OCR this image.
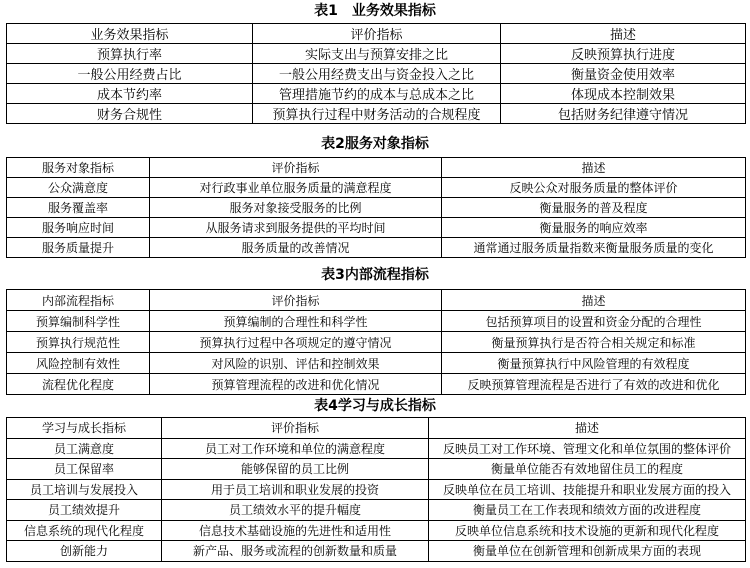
表1　业务效果指标
业务效果指标	评价指标	描述
预算执行率	实际支出与预算安排之比	反映预算执行进度
一般公用经费占比	一般公用经费支出与资金投入之比	衡量资金使用效率
成本节约率	管理措施节约的成本与总成本之比	体现成本控制效果
财务合规性	预算执行过程中财务活动的合规程度	包括财务纪律遵守情况
表2服务对象指标
服务对象指标	评价指标	描述
公众满意度	对行政事业单位服务质量的满意程度	反映公众对服务质量的整体评价
服务覆盖率	服务对象接受服务的比例	衡量服务的普及程度
服务响应时间	从服务请求到服务提供的平均时间	衡量服务的响应效率
服务质量提升	服务质量的改善情况	通常通过服务质量指数来衡量服务质量的变化
表3内部流程指标
内部流程指标	评价指标	描述
预算编制科学性	预算编制的合理性和科学性	包括预算项目的设置和资金分配的合理性
预算执行规范性	预算执行过程中各项规定的遵守情况	衡量预算执行是否符合相关规定和标准
风险控制有效性	对风险的识别、评估和控制效果	衡量预算执行中风险管理的有效程度
流程优化程度	预算管理流程的改进和优化情况	反映预算管理流程是否进行了有效的改进和优化
表4学习与成长指标
学习与成长指标	评价指标	描述
员工满意度	员工对工作环境和单位的满意程度	反映员工对工作环境、管理文化和单位氛围的整体评价
员工保留率	能够保留的员工比例	衡量单位能否有效地留住员工的程度
员工培训与发展投入	用于员工培训和职业发展的投资	反映单位在员工培训、技能提升和职业发展方面的投入
员工绩效提升	员工绩效水平的提升幅度	衡量员工在工作表现和绩效方面的改进程度
信息系统的现代化程度	信息技术基础设施的先进性和适用性	反映单位信息系统和技术设施的更新和现代化程度
创新能力	新产品、服务或流程的创新数量和质量	衡量单位在创新管理和创新成果方面的表现
